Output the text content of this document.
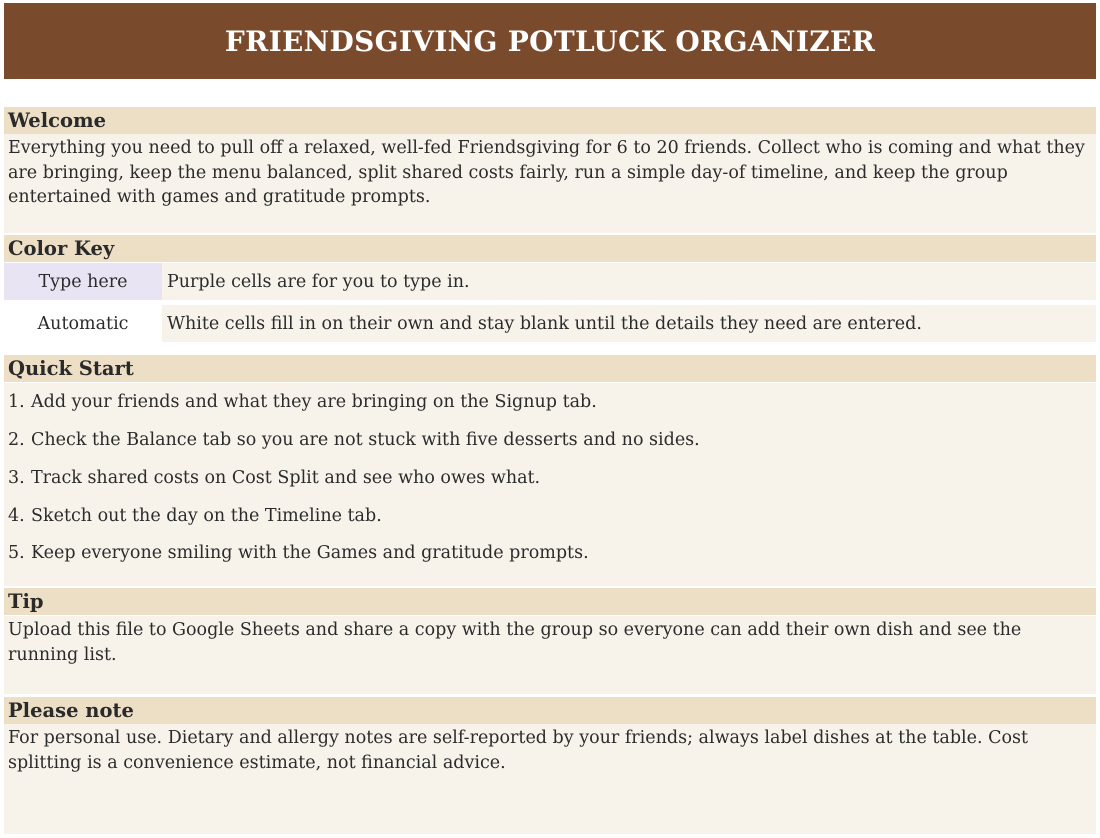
FRIENDSGIVING POTLUCK ORGANIZER
Welcome
Everything you need to pull off a relaxed, well-fed Friendsgiving for 6 to 20 friends. Collect who is coming and what they are bringing, keep the menu balanced, split shared costs fairly, run a simple day-of timeline, and keep the group entertained with games and gratitude prompts.
Color Key
Type here	Purple cells are for you to type in.
Automatic	White cells fill in on their own and stay blank until the details they need are entered.
Quick Start
1. Add your friends and what they are bringing on the Signup tab.
2. Check the Balance tab so you are not stuck with five desserts and no sides.
3. Track shared costs on Cost Split and see who owes what.
4. Sketch out the day on the Timeline tab.
5. Keep everyone smiling with the Games and gratitude prompts.
Tip
Upload this file to Google Sheets and share a copy with the group so everyone can add their own dish and see the running list.
Please note
For personal use. Dietary and allergy notes are self-reported by your friends; always label dishes at the table. Cost splitting is a convenience estimate, not financial advice.
